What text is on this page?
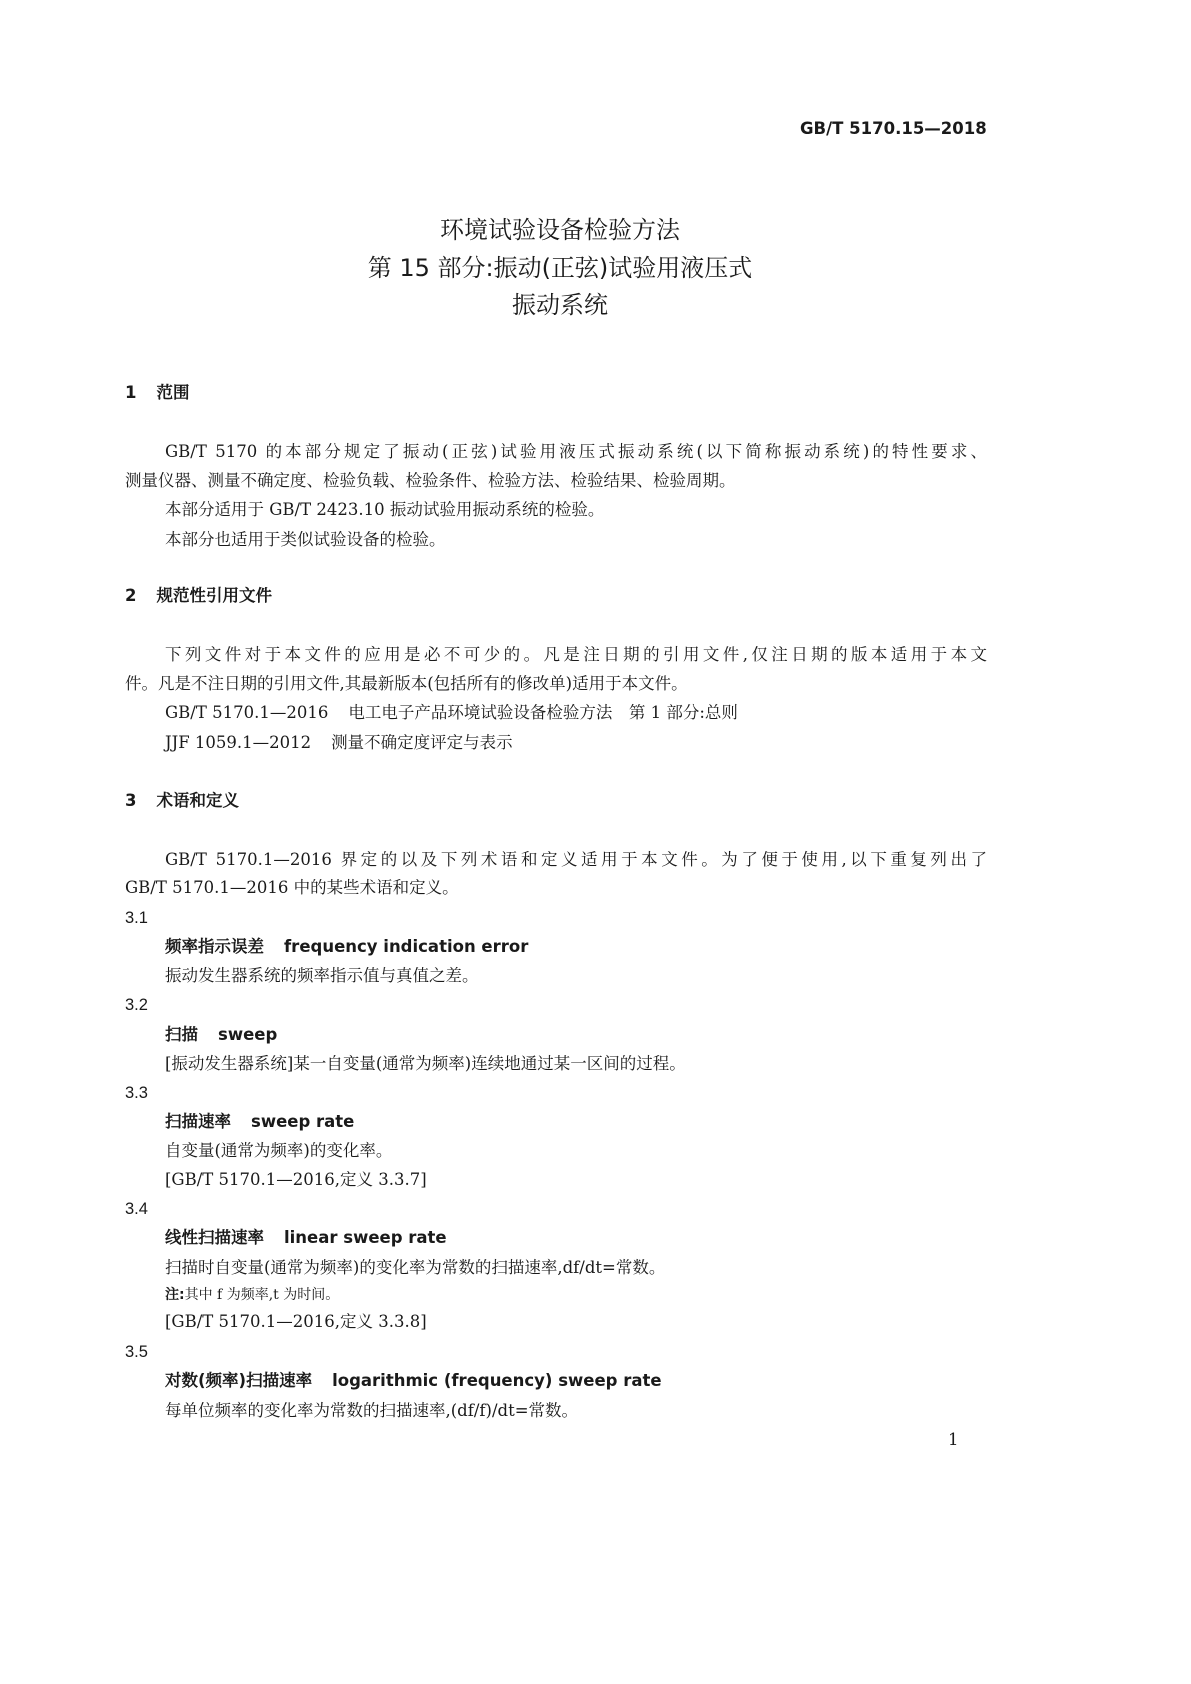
GB/T 5170.15—2018
环境试验设备检验方法
第 15 部分:振动(正弦)试验用液压式
振动系统
1 范围
GB/T 5170 的本部分规定了振动(正弦)试验用液压式振动系统(以下简称振动系统)的特性要求、
测量仪器、测量不确定度、检验负载、检验条件、检验方法、检验结果、检验周期。
本部分适用于 GB/T 2423.10 振动试验用振动系统的检验。
本部分也适用于类似试验设备的检验。
2 规范性引用文件
下列文件对于本文件的应用是必不可少的。凡是注日期的引用文件,仅注日期的版本适用于本文
件。凡是不注日期的引用文件,其最新版本(包括所有的修改单)适用于本文件。
GB/T 5170.1—2016 电工电子产品环境试验设备检验方法　第 1 部分:总则
JJF 1059.1—2012 测量不确定度评定与表示
3 术语和定义
GB/T 5170.1—2016 界定的以及下列术语和定义适用于本文件。为了便于使用,以下重复列出了
GB/T 5170.1—2016 中的某些术语和定义。
3.1
频率指示误差 frequency indication error
振动发生器系统的频率指示值与真值之差。
3.2
扫描 sweep
[振动发生器系统]某一自变量(通常为频率)连续地通过某一区间的过程。
3.3
扫描速率 sweep rate
自变量(通常为频率)的变化率。
[GB/T 5170.1—2016,定义 3.3.7]
3.4
线性扫描速率 linear sweep rate
扫描时自变量(通常为频率)的变化率为常数的扫描速率,df/dt=常数。
注:其中 f 为频率,t 为时间。
[GB/T 5170.1—2016,定义 3.3.8]
3.5
对数(频率)扫描速率 logarithmic (frequency) sweep rate
每单位频率的变化率为常数的扫描速率,(df/f)/dt=常数。
1
